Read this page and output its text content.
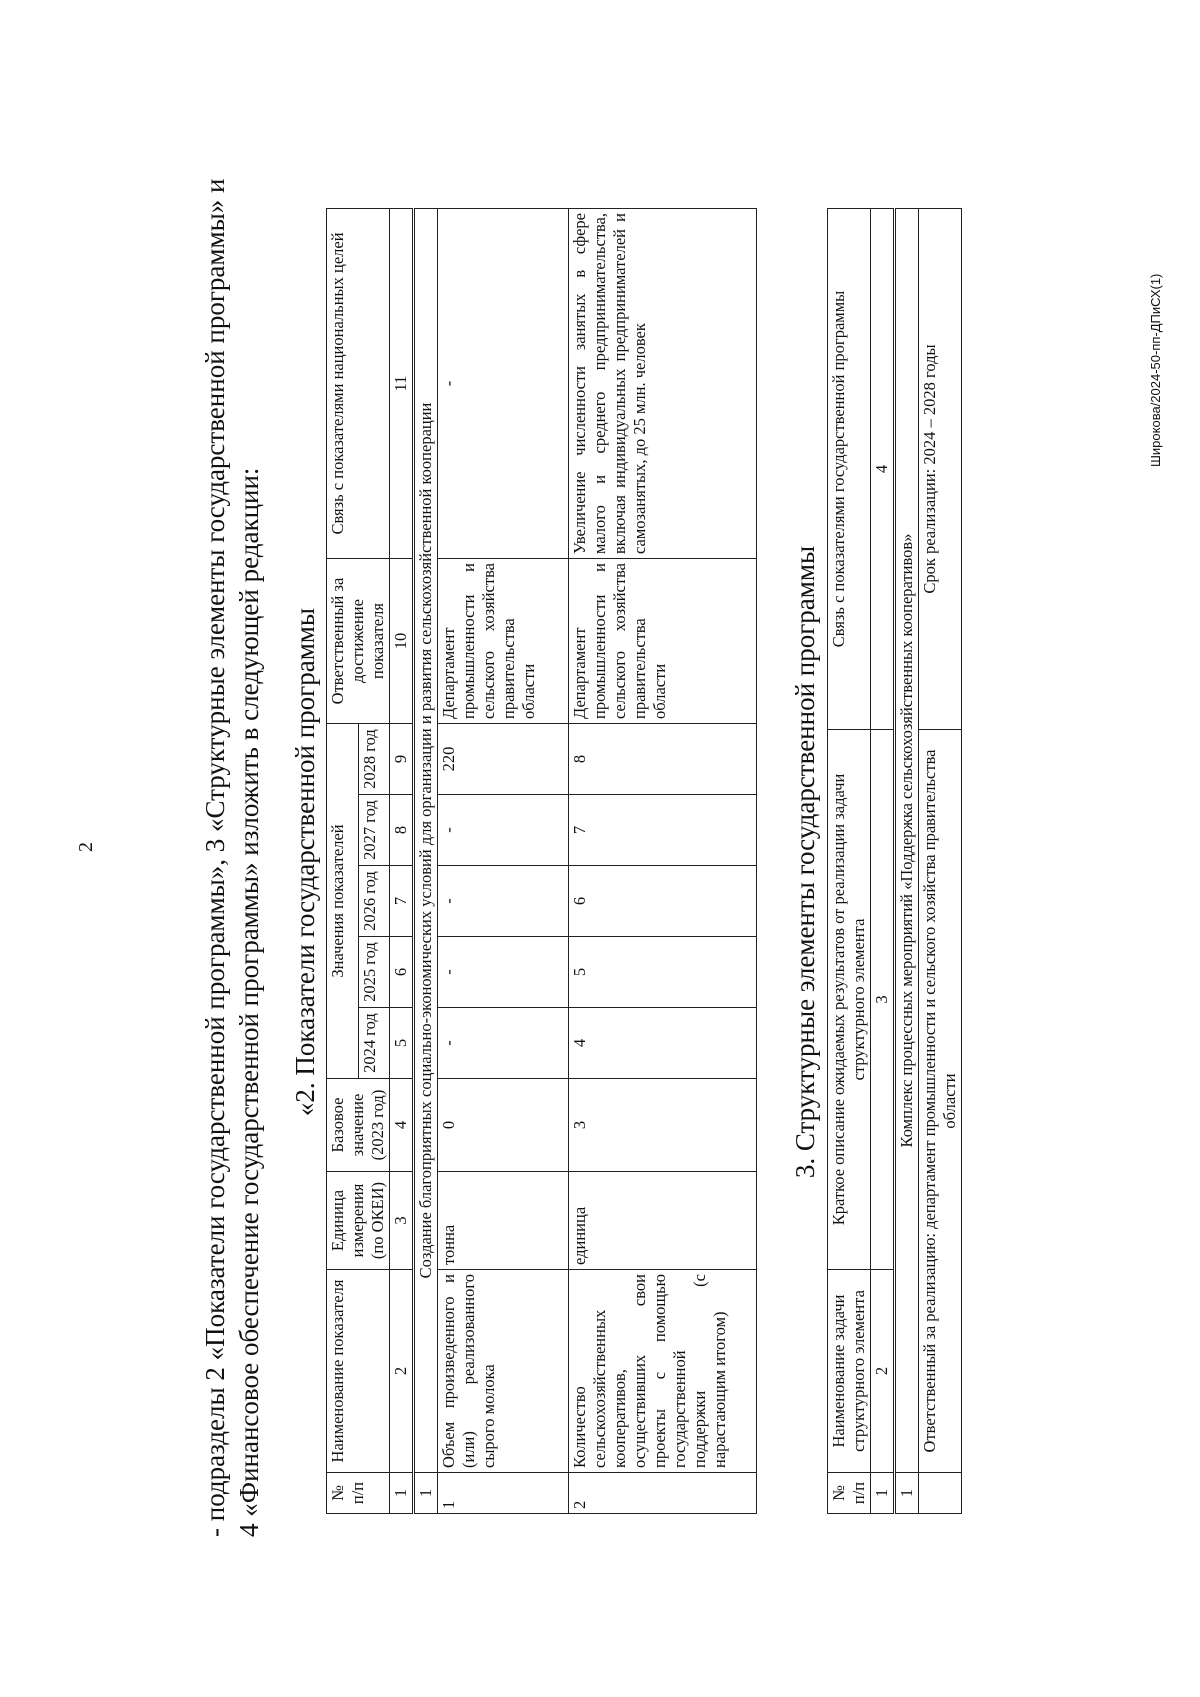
2	- подразделы 2 «Показатели государственной программы», 3 «Структурные элементы государственной программы» и 4 «Финансовое обеспечение государственной программы» изложить в следующей редакции: «2. Показатели государственной программы
№ п/п	Наименование показателя	Единица измерения (по ОКЕИ)	Базовое значение (2023 год)	Значения показателей					Ответственный за достижение показателя	Связь с показателями национальных целей
				2024 год	2025 год	2026 год	2027 год	2028 год		
1	2	3	4	5	6	7	8	9	10	11
1	Создание благоприятных социально-экономических условий для организации и развития сельскохозяйственной кооперации									
1	Объем произведенного и (или) реализованного сырого молока	тонна	0	-	-	-	-	220	Департамент промышленности и сельского хозяйства правительства области	-
2	Количество сельскохозяйственных кооперативов, осуществивших свои проекты с помощью государственной поддержки (с нарастающим итогом)	единица	3	4	5	6	7	8	Департамент промышленности и сельского хозяйства правительства области	Увеличение численности занятых в сфере малого и среднего предпринимательства, включая индивидуальных предпринимателей и самозанятых, до 25 млн. человек
3. Структурные элементы государственной программы
№ п/п	Наименование задачи структурного элемента	Краткое описание ожидаемых результатов от реализации задачи структурного элемента	Связь с показателями государственной программы
1	2	3	4
1	Комплекс процессных мероприятий «Поддержка сельскохозяйственных кооперативов»		
	Ответственный за реализацию: департамент промышленности и сельского хозяйства правительства области		Срок реализации: 2024 – 2028 годы	Широкова/2024-50-пп-ДПиСХ(1)
